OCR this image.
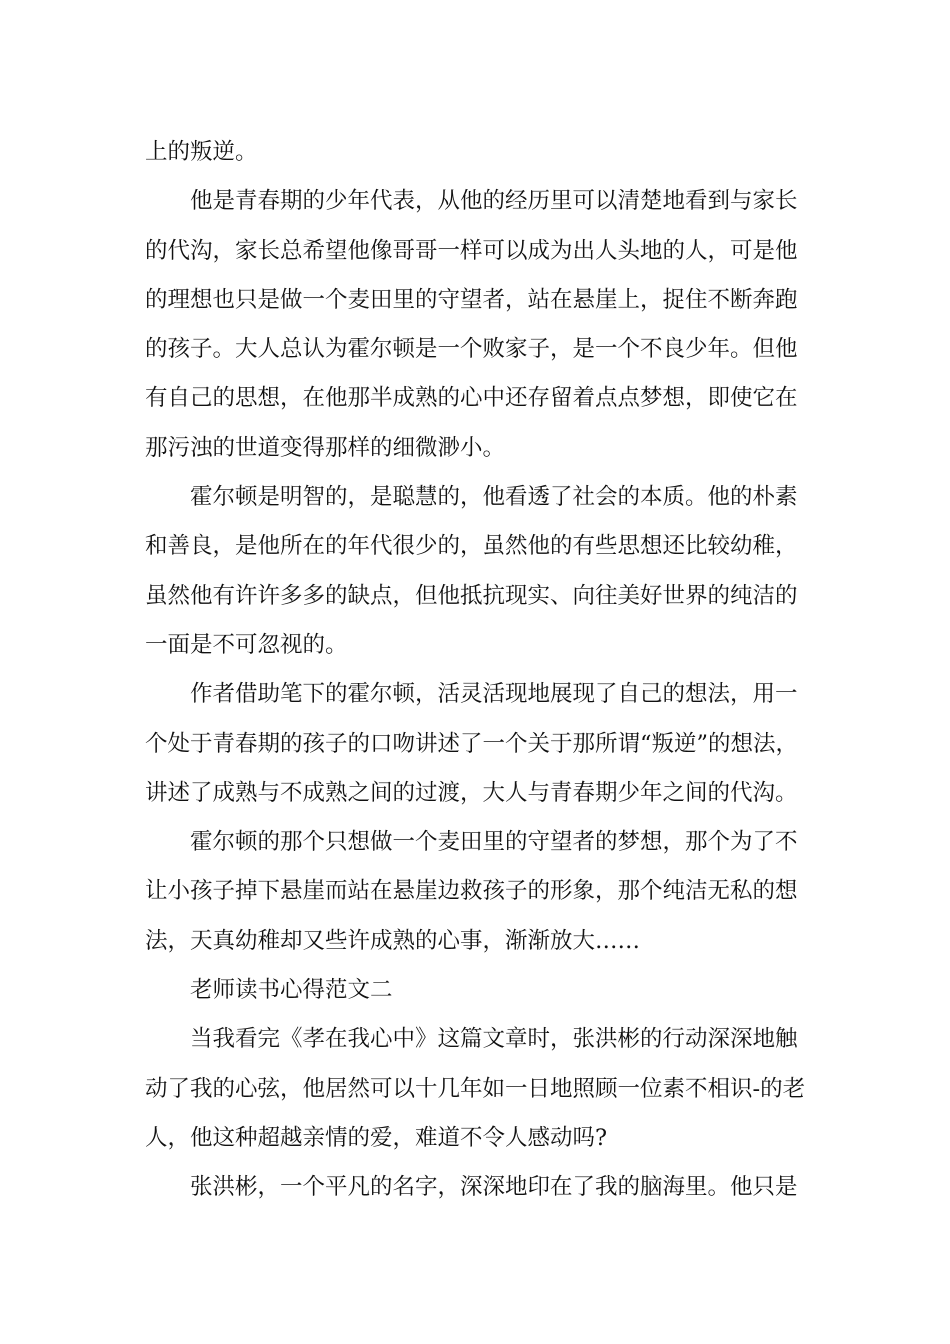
上的叛逆。
他是青春期的少年代表，从他的经历里可以清楚地看到与家长
的代沟，家长总希望他像哥哥一样可以成为出人头地的人，可是他
的理想也只是做一个麦田里的守望者，站在悬崖上，捉住不断奔跑
的孩子。大人总认为霍尔顿是一个败家子，是一个不良少年。但他
有自己的思想，在他那半成熟的心中还存留着点点梦想，即使它在
那污浊的世道变得那样的细微渺小。
霍尔顿是明智的，是聪慧的，他看透了社会的本质。他的朴素
和善良，是他所在的年代很少的，虽然他的有些思想还比较幼稚，
虽然他有许许多多的缺点，但他抵抗现实、向往美好世界的纯洁的
一面是不可忽视的。
作者借助笔下的霍尔顿，活灵活现地展现了自己的想法，用一
个处于青春期的孩子的口吻讲述了一个关于那所谓“叛逆”的想法，
讲述了成熟与不成熟之间的过渡，大人与青春期少年之间的代沟。
霍尔顿的那个只想做一个麦田里的守望者的梦想，那个为了不
让小孩子掉下悬崖而站在悬崖边救孩子的形象，那个纯洁无私的想
法，天真幼稚却又些许成熟的心事，渐渐放大……
老师读书心得范文二
当我看完《孝在我心中》这篇文章时，张洪彬的行动深深地触
动了我的心弦，他居然可以十几年如一日地照顾一位素不相识-的老
人，他这种超越亲情的爱，难道不令人感动吗?
张洪彬，一个平凡的名字，深深地印在了我的脑海里。他只是
